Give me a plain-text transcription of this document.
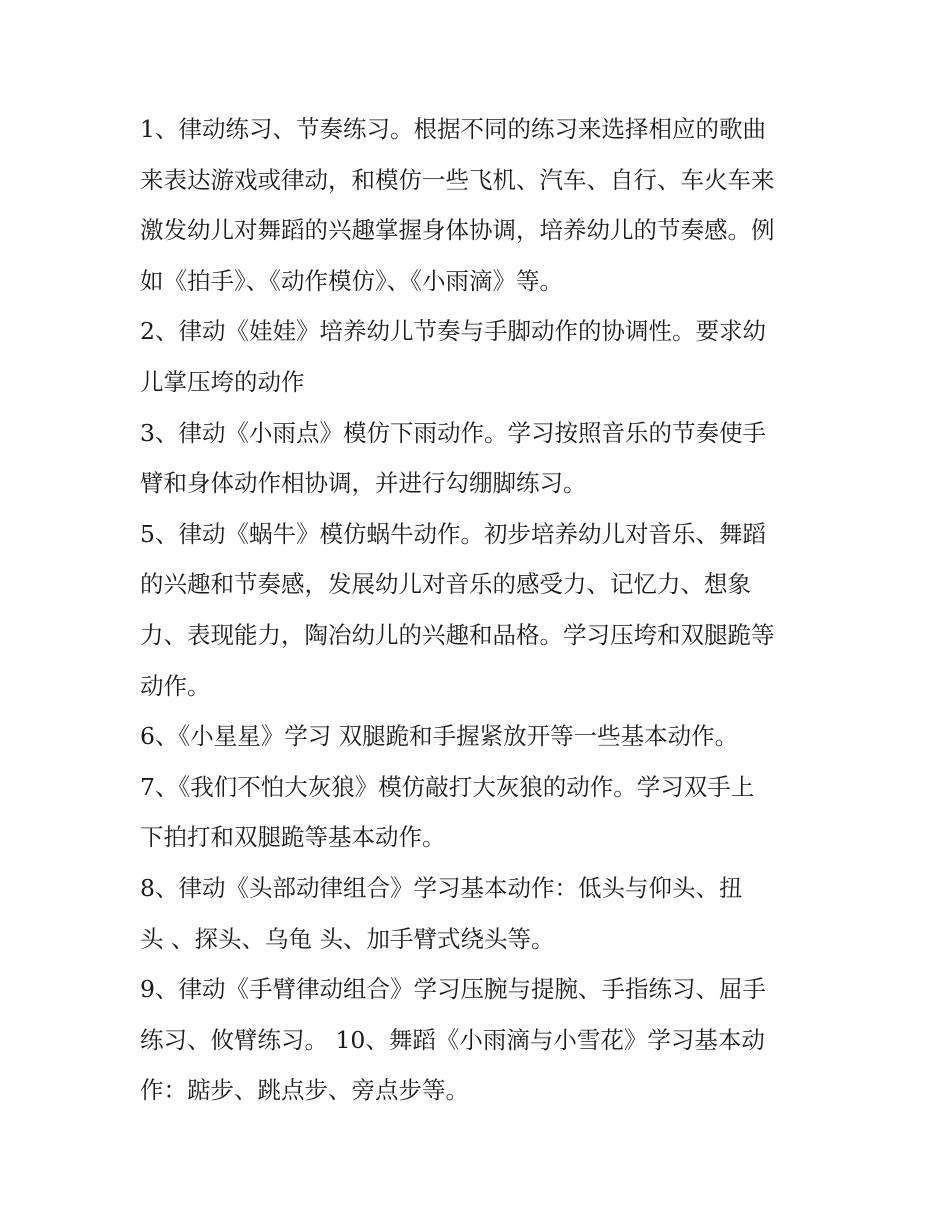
1、律动练习、节奏练习。根据不同的练习来选择相应的歌曲
来表达游戏或律动，和模仿一些飞机、汽车、自行、车火车来
激发幼儿对舞蹈的兴趣掌握身体协调，培养幼儿的节奏感。例
如《拍手》、《动作模仿》、《小雨滴》等。
2、律动《娃娃》培养幼儿节奏与手脚动作的协调性。要求幼
儿掌压垮的动作
3、律动《小雨点》模仿下雨动作。学习按照音乐的节奏使手
臂和身体动作相协调，并进行勾绷脚练习。
5、律动《蜗牛》模仿蜗牛动作。初步培养幼儿对音乐、舞蹈
的兴趣和节奏感，发展幼儿对音乐的感受力、记忆力、想象
力、表现能力，陶冶幼儿的兴趣和品格。学习压垮和双腿跪等
动作。
6、《小星星》学习 双腿跪和手握紧放开等一些基本动作。
7、《我们不怕大灰狼》模仿敲打大灰狼的动作。学习双手上
下拍打和双腿跪等基本动作。
8、律动《头部动律组合》学习基本动作：低头与仰头、扭
头 、探头、乌龟 头、加手臂式绕头等。
9、律动《手臂律动组合》学习压腕与提腕、手指练习、屈手
练习、攸臂练习。 10、舞蹈《小雨滴与小雪花》学习基本动
作：踮步、跳点步、旁点步等。
